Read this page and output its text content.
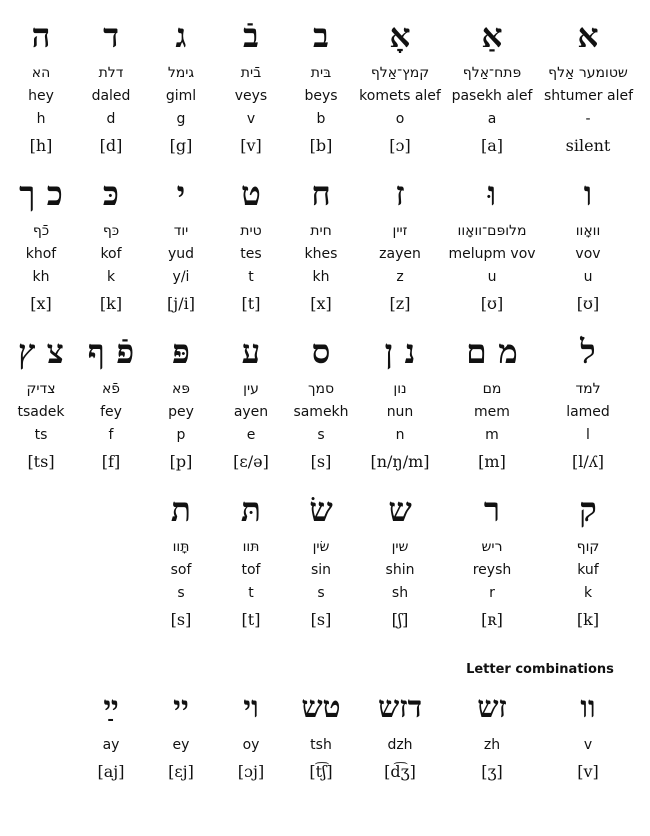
א
שטומער אַלף
shtumer alef
-
silent
אַ
פּתח־אַלף
pasekh alef
a
[a]
אָ
קמץ־אַלף
komets alef
o
[ɔ]
ב
בּית
beys
b
[b]
בֿ
בֿית
veys
v
[v]
ג
גימל
giml
g
[g]
ד
דלת
daled
d
[d]
ה
הא
hey
h
[h]
ו
וואָוו
vov
u
[ʊ]
וּ
מלופּם־וואָוו
melupm vov
u
[ʊ]
ז
זיין
zayen
z
[z]
ח
חית
khes
kh
[x]
ט
טית
tes
t
[t]
י
יוד
yud
y/i
[j/i]
כּ
כּף
kof
k
[k]
כ ך
כֿף
khof
kh
[x]
ל
למד
lamed
l
[l/ʎ]
מ ם
מם
mem
m
[m]
נ ן
נון
nun
n
[n/ŋ/m]
ס
סמך
samekh
s
[s]
ע
עין
ayen
e
[ɛ/ə]
פּ
פּא
pey
p
[p]
פֿ ף
פֿא
fey
f
[f]
צ ץ
צדיק
tsadek
ts
[ts]
ק
קוף
kuf
k
[k]
ר
ריש
reysh
r
[ʀ]
ש
שין
shin
sh
[ʃ]
שׂ
שׂין
sin
s
[s]
תּ
תּוו
tof
t
[t]
ת
תָּוו
sof
s
[s]
Letter combinations
וו
v
[v]
זש
zh
[ʒ]
דזש
dzh
[d͡ʒ]
טש
tsh
[t͡ʃ]
וי
oy
[ɔj]
יי
ey
[ɛj]
ײַ
ay
[aj]
